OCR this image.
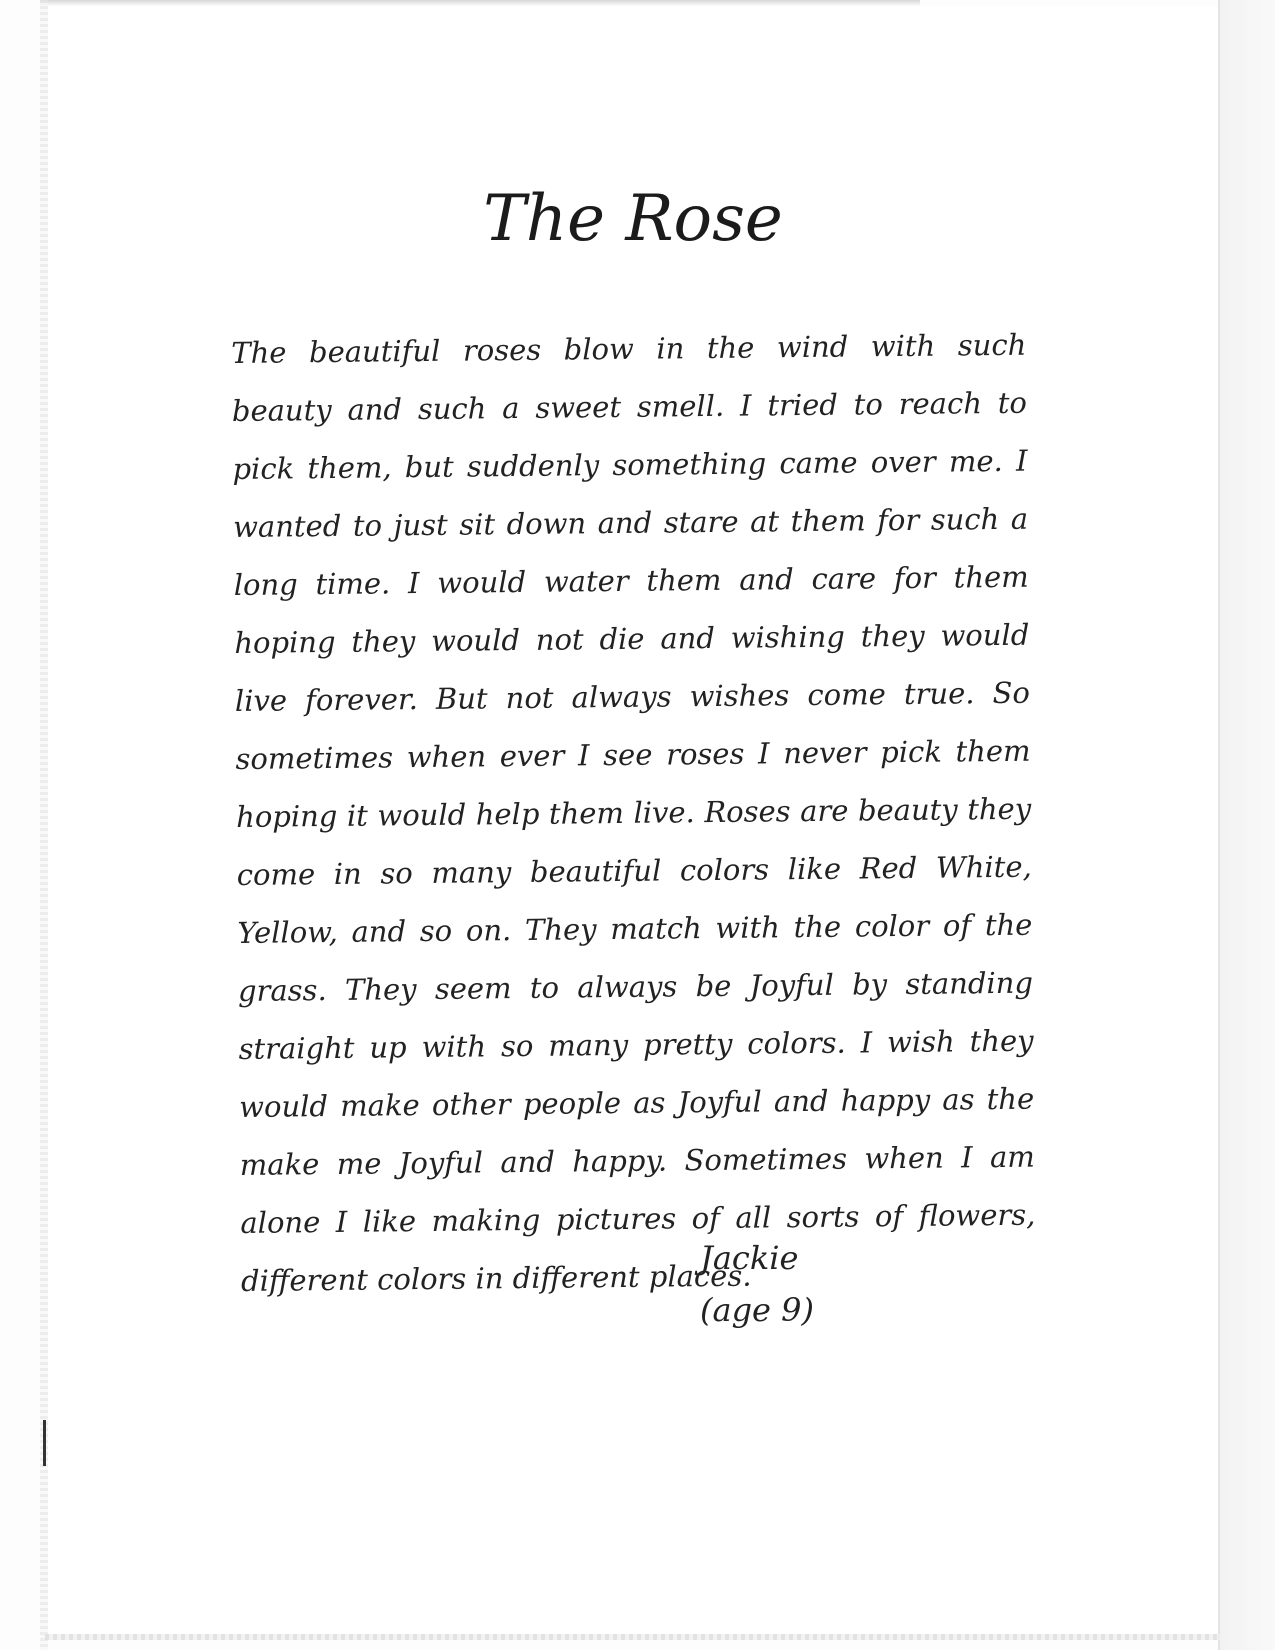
The Rose

The beautiful roses blow in the wind with such beauty and such a sweet smell. I tried to reach to pick them, but suddenly something came over me. I wanted to just sit down and stare at them for such a long time. I would water them and care for them hoping they would not die and wishing they would live forever. But not always wishes come true. So sometimes when ever I see roses I never pick them hoping it would help them live. Roses are beauty they come in so many beautiful colors like Red White, Yellow, and so on. They match with the color of the grass. They seem to always be Joyful by standing straight up with so many pretty colors. I wish they would make other people as Joyful and happy as the make me Joyful and happy. Sometimes when I am alone I like making pictures of all sorts of flowers, different colors in different places.

Jackie
(age 9)
